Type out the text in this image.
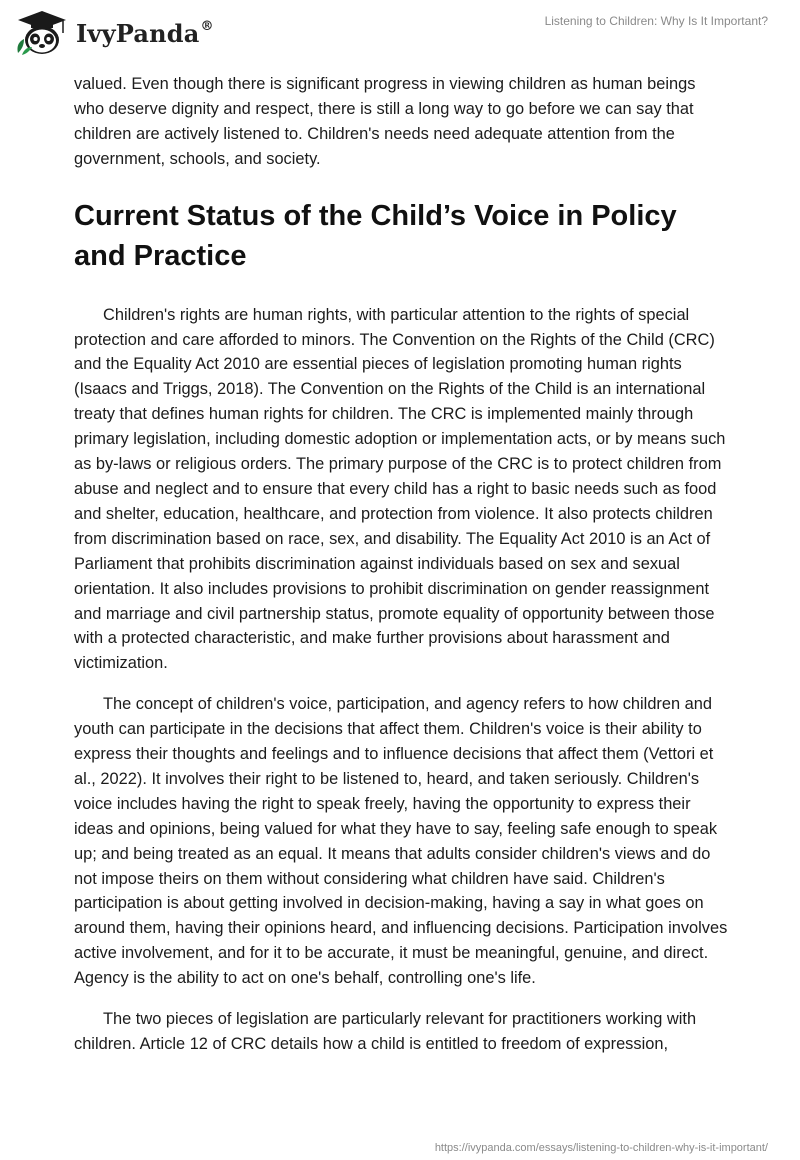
IvyPanda®	Listening to Children: Why Is It Important?

valued. Even though there is significant progress in viewing children as human beings who deserve dignity and respect, there is still a long way to go before we can say that children are actively listened to. Children's needs need adequate attention from the government, schools, and society.

Current Status of the Child’s Voice in Policy and Practice

Children's rights are human rights, with particular attention to the rights of special protection and care afforded to minors. The Convention on the Rights of the Child (CRC) and the Equality Act 2010 are essential pieces of legislation promoting human rights (Isaacs and Triggs, 2018). The Convention on the Rights of the Child is an international treaty that defines human rights for children. The CRC is implemented mainly through primary legislation, including domestic adoption or implementation acts, or by means such as by-laws or religious orders. The primary purpose of the CRC is to protect children from abuse and neglect and to ensure that every child has a right to basic needs such as food and shelter, education, healthcare, and protection from violence. It also protects children from discrimination based on race, sex, and disability. The Equality Act 2010 is an Act of Parliament that prohibits discrimination against individuals based on sex and sexual orientation. It also includes provisions to prohibit discrimination on gender reassignment and marriage and civil partnership status, promote equality of opportunity between those with a protected characteristic, and make further provisions about harassment and victimization.

The concept of children's voice, participation, and agency refers to how children and youth can participate in the decisions that affect them. Children's voice is their ability to express their thoughts and feelings and to influence decisions that affect them (Vettori et al., 2022). It involves their right to be listened to, heard, and taken seriously. Children's voice includes having the right to speak freely, having the opportunity to express their ideas and opinions, being valued for what they have to say, feeling safe enough to speak up; and being treated as an equal. It means that adults consider children's views and do not impose theirs on them without considering what children have said. Children's participation is about getting involved in decision-making, having a say in what goes on around them, having their opinions heard, and influencing decisions. Participation involves active involvement, and for it to be accurate, it must be meaningful, genuine, and direct. Agency is the ability to act on one's behalf, controlling one's life.

The two pieces of legislation are particularly relevant for practitioners working with children. Article 12 of CRC details how a child is entitled to freedom of expression,

https://ivypanda.com/essays/listening-to-children-why-is-it-important/
